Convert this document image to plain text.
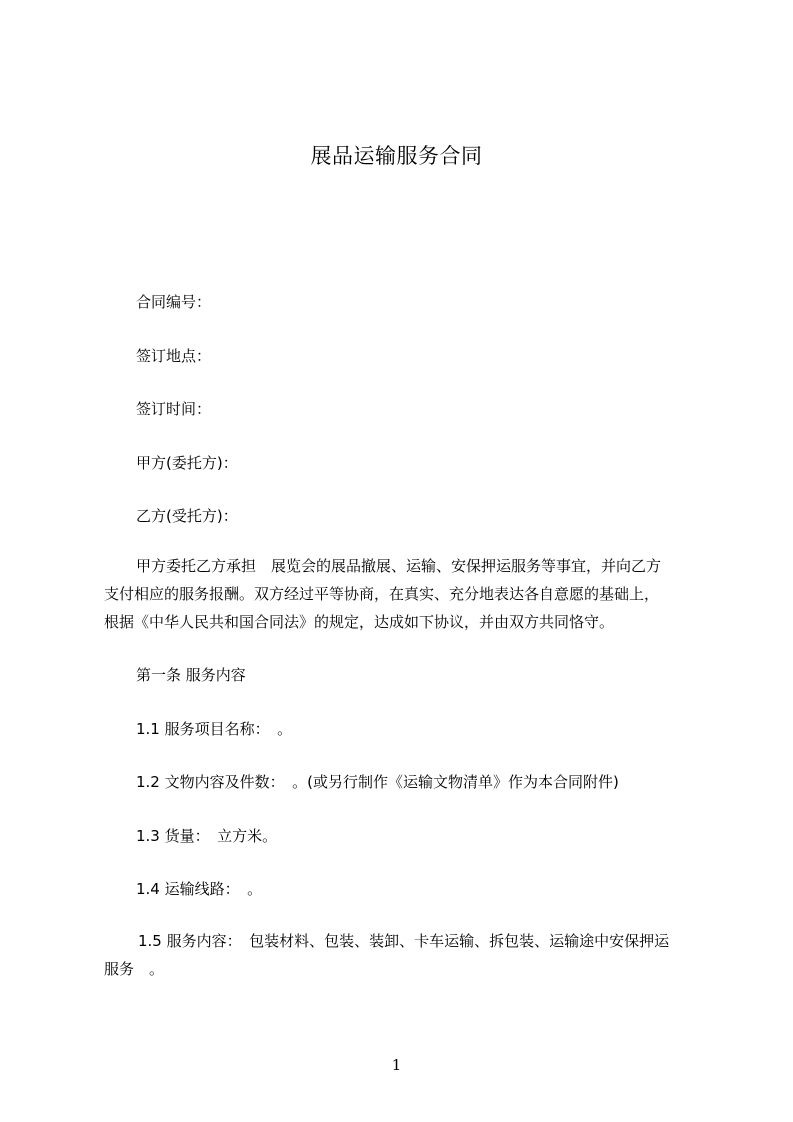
展品运输服务合同
合同编号：
签订地点：
签订时间：
甲方(委托方)：
乙方(受托方)：
甲方委托乙方承担　展览会的展品撤展、运输、安保押运服务等事宜，并向乙方
支付相应的服务报酬。双方经过平等协商，在真实、充分地表达各自意愿的基础上，
根据《中华人民共和国合同法》的规定，达成如下协议，并由双方共同恪守。
第一条 服务内容
1.1 服务项目名称：　。
1.2 文物内容及件数：　。(或另行制作《运输文物清单》作为本合同附件)
1.3 货量：　立方米。
1.4 运输线路：　。
1.5 服务内容：　包装材料、包装、装卸、卡车运输、拆包装、运输途中安保押运
服务　。
1
